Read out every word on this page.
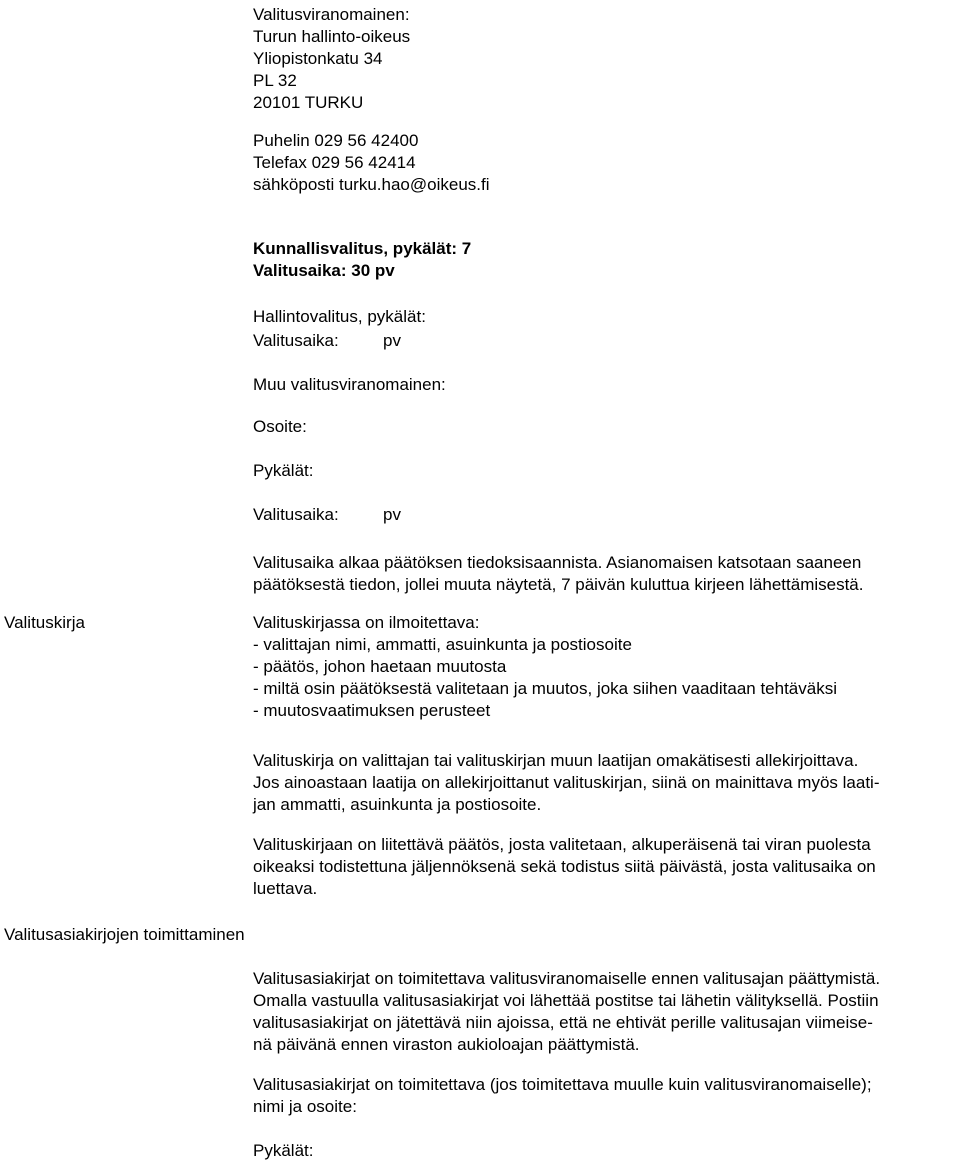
Valitusviranomainen:
Turun hallinto-oikeus
Yliopistonkatu 34
PL 32
20101 TURKU
Puhelin 029 56 42400
Telefax 029 56 42414
sähköposti turku.hao@oikeus.fi
Kunnallisvalitus, pykälät: 7
Valitusaika: 30 pv
Hallintovalitus, pykälät:
Valitusaika:	pv
Muu valitusviranomainen:
Osoite:
Pykälät:
Valitusaika:	pv
Valitusaika alkaa päätöksen tiedoksisaannista. Asianomaisen katsotaan saaneen
päätöksestä tiedon, jollei muuta näytetä, 7 päivän kuluttua kirjeen lähettämisestä.
Valituskirja	Valituskirjassa on ilmoitettava:
- valittajan nimi, ammatti, asuinkunta ja postiosoite
- päätös, johon haetaan muutosta
- miltä osin päätöksestä valitetaan ja muutos, joka siihen vaaditaan tehtäväksi
- muutosvaatimuksen perusteet
Valituskirja on valittajan tai valituskirjan muun laatijan omakätisesti allekirjoittava.
Jos ainoastaan laatija on allekirjoittanut valituskirjan, siinä on mainittava myös laati-
jan ammatti, asuinkunta ja postiosoite.
Valituskirjaan on liitettävä päätös, josta valitetaan, alkuperäisenä tai viran puolesta
oikeaksi todistettuna jäljennöksenä sekä todistus siitä päivästä, josta valitusaika on
luettava.
Valitusasiakirjojen toimittaminen
Valitusasiakirjat on toimitettava valitusviranomaiselle ennen valitusajan päättymistä.
Omalla vastuulla valitusasiakirjat voi lähettää postitse tai lähetin välityksellä. Postiin
valitusasiakirjat on jätettävä niin ajoissa, että ne ehtivät perille valitusajan viimeise-
nä päivänä ennen viraston aukioloajan päättymistä.
Valitusasiakirjat on toimitettava (jos toimitettava muulle kuin valitusviranomaiselle);
nimi ja osoite:
Pykälät:
